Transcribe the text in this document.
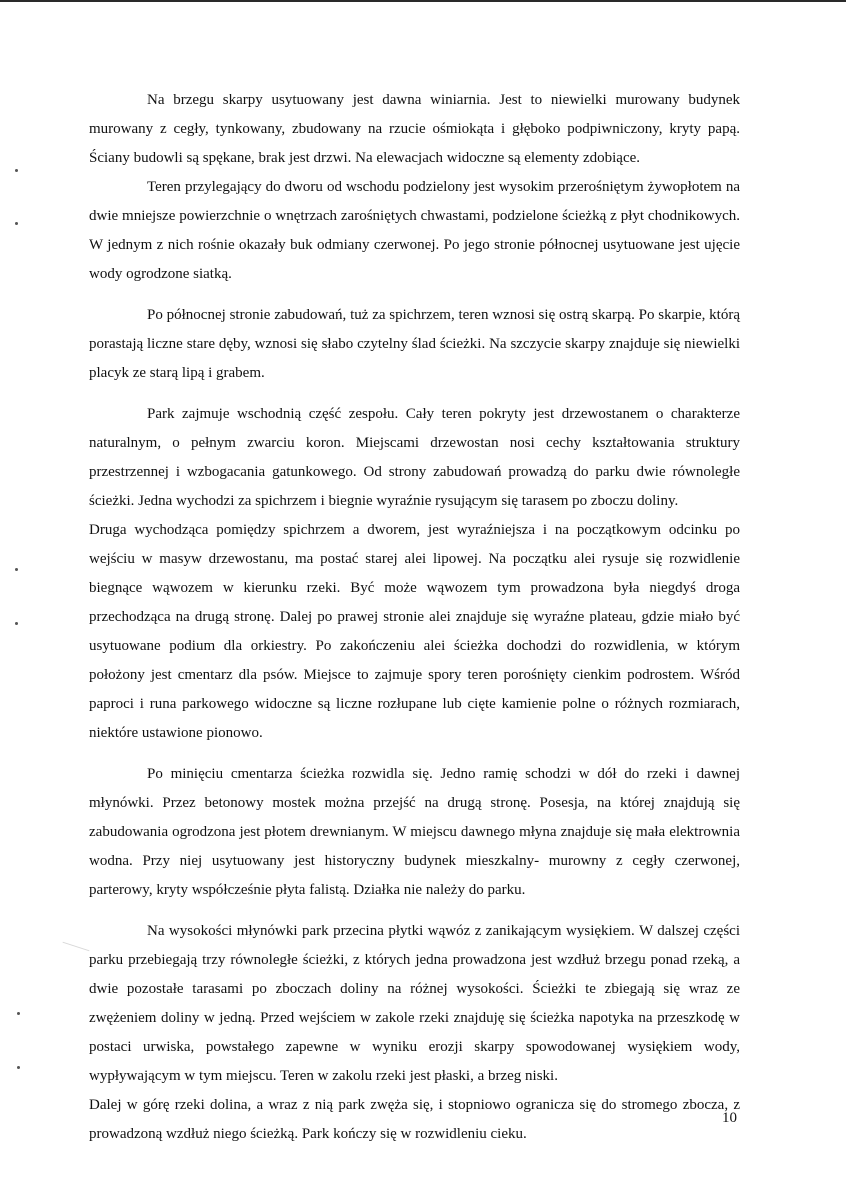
Na brzegu skarpy usytuowany jest dawna winiarnia. Jest to niewielki murowany budynek murowany z cegły, tynkowany, zbudowany na rzucie ośmiokąta i głęboko podpiwniczony, kryty papą. Ściany budowli są spękane, brak jest drzwi. Na elewacjach widoczne są elementy zdobiące.

Teren przylegający do dworu od wschodu podzielony jest wysokim przerośniętym żywopłotem na dwie mniejsze powierzchnie o wnętrzach zarośniętych chwastami, podzielone ścieżką z płyt chodnikowych. W jednym z nich rośnie okazały buk odmiany czerwonej. Po jego stronie północnej usytuowane jest ujęcie wody ogrodzone siatką.

Po północnej stronie zabudowań, tuż za spichrzem, teren wznosi się ostrą skarpą. Po skarpie, którą porastają liczne stare dęby, wznosi się słabo czytelny ślad ścieżki. Na szczycie skarpy znajduje się niewielki placyk ze starą lipą i grabem.

Park zajmuje wschodnią część zespołu. Cały teren pokryty jest drzewostanem o charakterze naturalnym, o pełnym zwarciu koron. Miejscami drzewostan nosi cechy kształtowania struktury przestrzennej i wzbogacania gatunkowego. Od strony zabudowań prowadzą do parku dwie równoległe ścieżki. Jedna wychodzi za spichrzem i biegnie wyraźnie rysującym się tarasem po zboczu doliny.

Druga wychodząca pomiędzy spichrzem a dworem, jest wyraźniejsza i na początkowym odcinku po wejściu w masyw drzewostanu, ma postać starej alei lipowej. Na początku alei rysuje się rozwidlenie biegnące wąwozem w kierunku rzeki. Być może wąwozem tym prowadzona była niegdyś droga przechodząca na drugą stronę. Dalej po prawej stronie alei znajduje się wyraźne plateau, gdzie miało być usytuowane podium dla orkiestry. Po zakończeniu alei ścieżka dochodzi do rozwidlenia, w którym położony jest cmentarz dla psów. Miejsce to zajmuje spory teren porośnięty cienkim podrostem. Wśród paproci i runa parkowego widoczne są liczne rozłupane lub cięte kamienie polne o różnych rozmiarach, niektóre ustawione pionowo.

Po minięciu cmentarza ścieżka rozwidla się. Jedno ramię schodzi w dół do rzeki i dawnej młynówki. Przez betonowy mostek można przejść na drugą stronę. Posesja, na której znajdują się zabudowania ogrodzona jest płotem drewnianym. W miejscu dawnego młyna znajduje się mała elektrownia wodna. Przy niej usytuowany jest historyczny budynek mieszkalny- murowny z cegły czerwonej, parterowy, kryty współcześnie płyta falistą. Działka nie należy do parku.

Na wysokości młynówki park przecina płytki wąwóz z zanikającym wysiękiem. W dalszej części parku przebiegają trzy równoległe ścieżki, z których jedna prowadzona jest wzdłuż brzegu ponad rzeką, a dwie pozostałe tarasami po zboczach doliny na różnej wysokości. Ścieżki te zbiegają się wraz ze zwężeniem doliny w jedną. Przed wejściem w zakole rzeki znajduję się ścieżka napotyka na przeszkodę w postaci urwiska, powstałego zapewne w wyniku erozji skarpy spowodowanej wysiękiem wody, wypływającym w tym miejscu. Teren w zakolu rzeki jest płaski, a brzeg niski.

Dalej w górę rzeki dolina, a wraz z nią park zwęża się, i stopniowo ogranicza się do stromego zbocza, z prowadzoną wzdłuż niego ścieżką. Park kończy się w rozwidleniu cieku.

10
